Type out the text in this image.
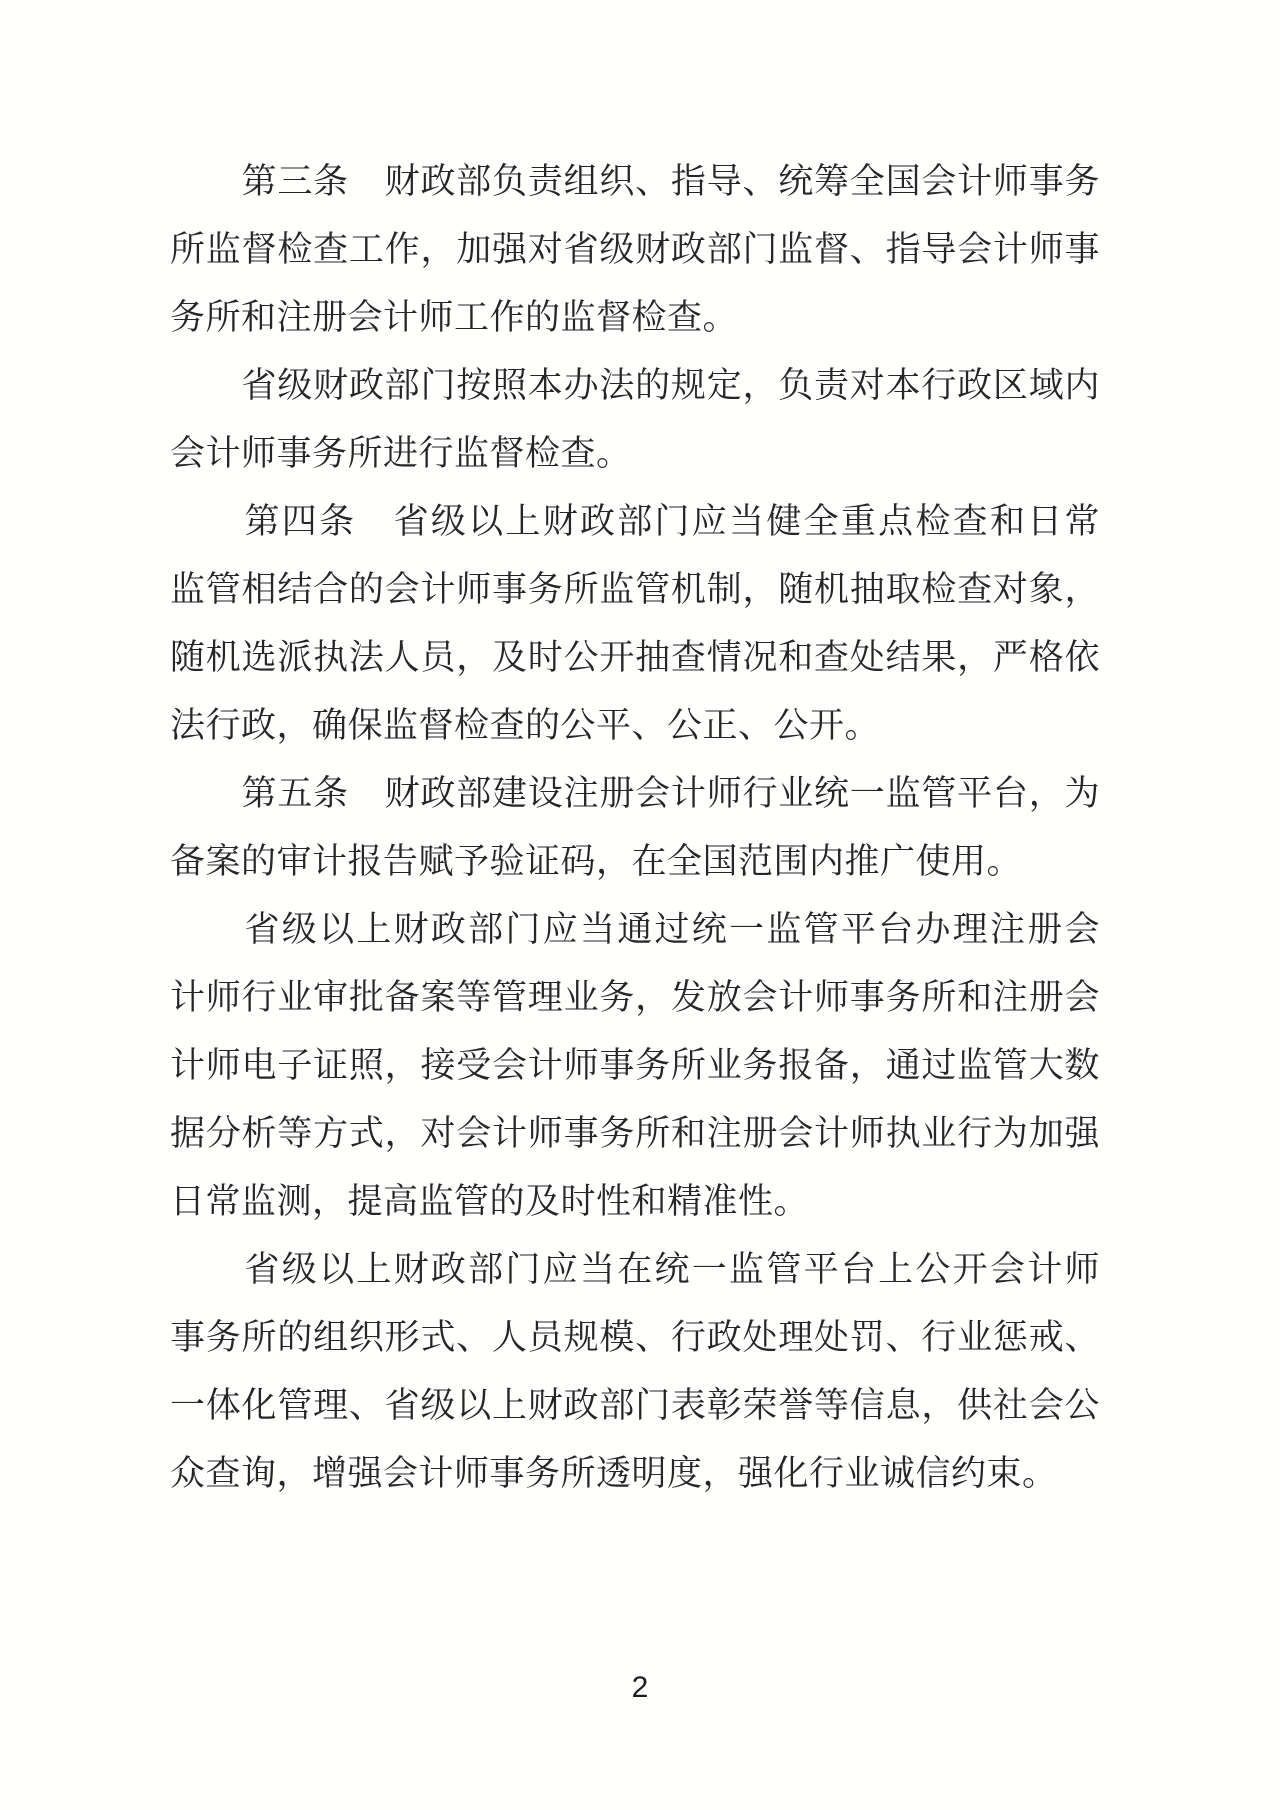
　　第三条　财政部负责组织、指导、统筹全国会计师事务
所监督检查工作，加强对省级财政部门监督、指导会计师事
务所和注册会计师工作的监督检查。
　　省级财政部门按照本办法的规定，负责对本行政区域内
会计师事务所进行监督检查。
　　第四条　省级以上财政部门应当健全重点检查和日常
监管相结合的会计师事务所监管机制，随机抽取检查对象，
随机选派执法人员，及时公开抽查情况和查处结果，严格依
法行政，确保监督检查的公平、公正、公开。
　　第五条　财政部建设注册会计师行业统一监管平台，为
备案的审计报告赋予验证码，在全国范围内推广使用。
　　省级以上财政部门应当通过统一监管平台办理注册会
计师行业审批备案等管理业务，发放会计师事务所和注册会
计师电子证照，接受会计师事务所业务报备，通过监管大数
据分析等方式，对会计师事务所和注册会计师执业行为加强
日常监测，提高监管的及时性和精准性。
　　省级以上财政部门应当在统一监管平台上公开会计师
事务所的组织形式、人员规模、行政处理处罚、行业惩戒、
一体化管理、省级以上财政部门表彰荣誉等信息，供社会公
众查询，增强会计师事务所透明度，强化行业诚信约束。
2
